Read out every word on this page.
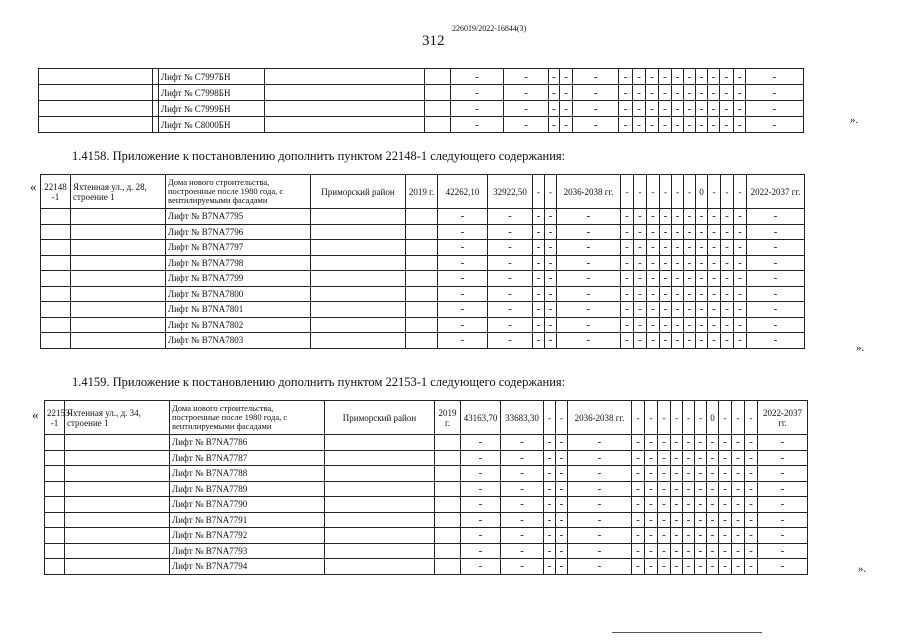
226019/2022-16844(3)
312
		Лифт № С7997БН			-	-	-	-	-	-	-	-	-	-	-	-	-	-	-	-
		Лифт № С7998БН			-	-	-	-	-	-	-	-	-	-	-	-	-	-	-	-
		Лифт № С7999БН			-	-	-	-	-	-	-	-	-	-	-	-	-	-	-	-
		Лифт № С8000БН			-	-	-	-	-	-	-	-	-	-	-	-	-	-	-	-	».
1.4158. Приложение к постановлению дополнить пунктом 22148-1 следующего содержания:
« 22148 -1	Яхтенная ул., д. 28, строение 1	Дома нового строительства, построенные после 1980 года, с вентилируемыми фасадами	Приморский район	2019 г.	42262,10	32922,50	-	-	2036-2038 гг.	-	-	-	-	-	-	0	-	-	-	2022-2037 гг.
		Лифт № B7NA7795			-	-	-	-	-	-	-	-	-	-	-	-	-	-	-	-
		Лифт № B7NA7796			-	-	-	-	-	-	-	-	-	-	-	-	-	-	-	-
		Лифт № B7NA7797			-	-	-	-	-	-	-	-	-	-	-	-	-	-	-	-
		Лифт № B7NA7798			-	-	-	-	-	-	-	-	-	-	-	-	-	-	-	-
		Лифт № B7NA7799			-	-	-	-	-	-	-	-	-	-	-	-	-	-	-	-
		Лифт № B7NA7800			-	-	-	-	-	-	-	-	-	-	-	-	-	-	-	-
		Лифт № B7NA7801			-	-	-	-	-	-	-	-	-	-	-	-	-	-	-	-
		Лифт № B7NA7802			-	-	-	-	-	-	-	-	-	-	-	-	-	-	-	-
		Лифт № B7NA7803			-	-	-	-	-	-	-	-	-	-	-	-	-	-	-	-
».
1.4159. Приложение к постановлению дополнить пунктом 22153-1 следующего содержания:
« 22153 -1	Яхтенная ул., д. 34, строение 1	Дома нового строительства, построенные после 1980 года, с вентилируемыми фасадами	Приморский район	2019 г.	43163,70	33683,30	-	-	2036-2038 гг.	-	-	-	-	-	-	0	-	-	-	2022-2037 гг.
		Лифт № B7NA7786			-	-	-	-	-	-	-	-	-	-	-	-	-	-	-	-
		Лифт № B7NA7787			-	-	-	-	-	-	-	-	-	-	-	-	-	-	-	-
		Лифт № B7NA7788			-	-	-	-	-	-	-	-	-	-	-	-	-	-	-	-
		Лифт № B7NA7789			-	-	-	-	-	-	-	-	-	-	-	-	-	-	-	-
		Лифт № B7NA7790			-	-	-	-	-	-	-	-	-	-	-	-	-	-	-	-
		Лифт № B7NA7791			-	-	-	-	-	-	-	-	-	-	-	-	-	-	-	-
		Лифт № B7NA7792			-	-	-	-	-	-	-	-	-	-	-	-	-	-	-	-
		Лифт № B7NA7793			-	-	-	-	-	-	-	-	-	-	-	-	-	-	-	-
		Лифт № B7NA7794			-	-	-	-	-	-	-	-	-	-	-	-	-	-	-	-	».
